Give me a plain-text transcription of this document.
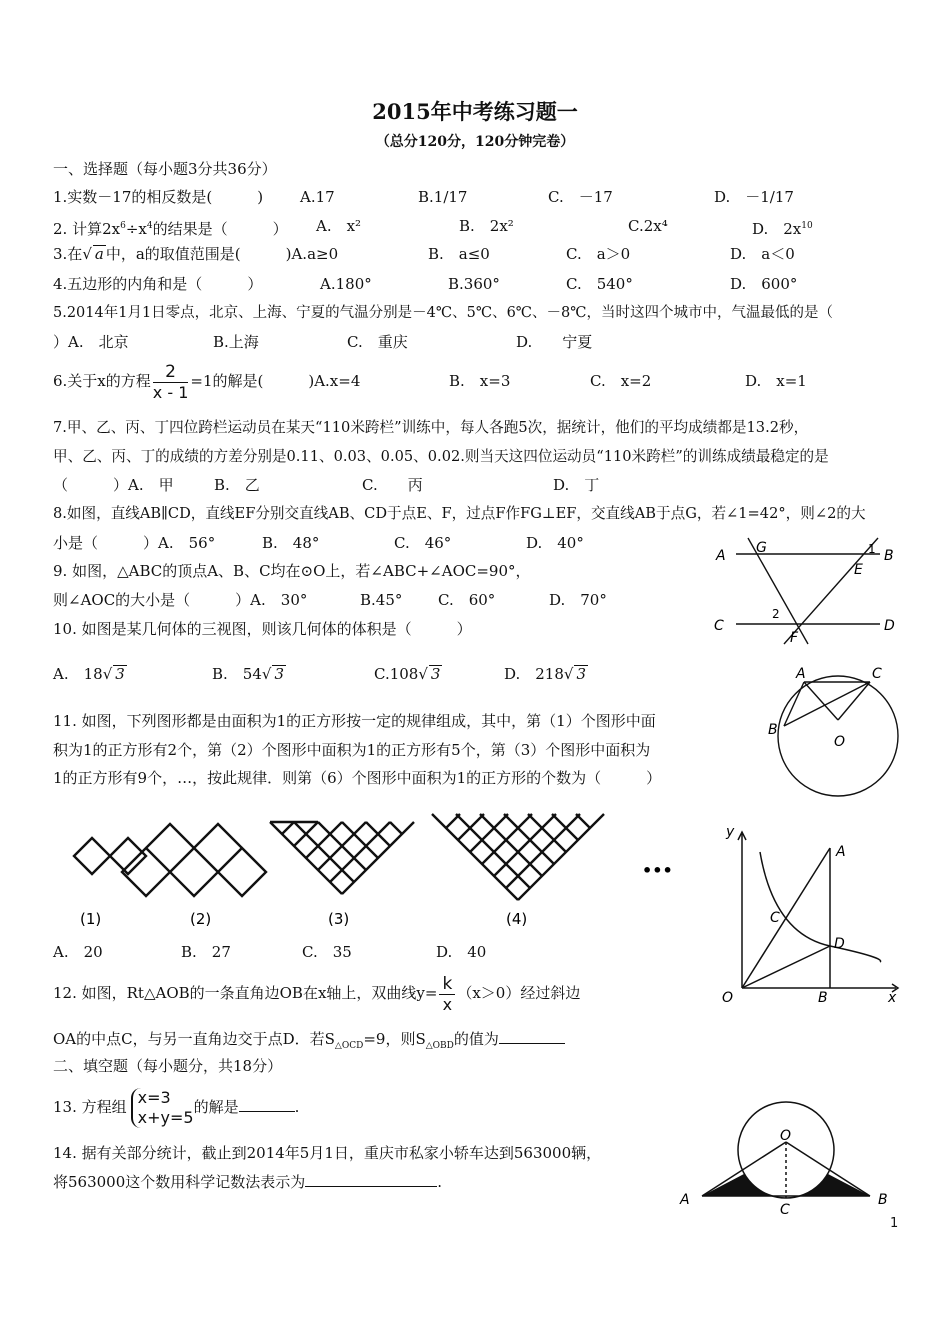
2015年中考练习题一
（总分120分，120分钟完卷）
一、选择题（每小题3分共36分）
1.实数－17的相反数是(　　　) A.17	B.1/17	C.　－17	D.　－1/17
2. 计算$2x^6\div x^4$的结果是（　　　） A.　x²	B.　2x²	C.2x⁴	D.　$2x^{10}$
3.在√ a 中，a的取值范围是(　　　)A.a≥0	B.　a≤0	C.　a＞0	D.　a＜0
4.五边形的内角和是（　　　）	A.180°	B.360°	C.　540°	D.　600°
5.2014年1月1日零点，北京、上海、宁夏的气温分别是－4℃、5℃、6℃、－8℃，当时这四个城市中，气温最低的是（
）A.　北京	B.上海	C.　重庆	D.　　宁夏
6.关于x的方程 $\frac{2}{x - 1} =1$的解是(　　　)A.x=4	B.　x=3	C.　x=2	D.　x=1
7.甲、乙、丙、丁四位跨栏运动员在某天“110米跨栏”训练中，每人各跑5次，据统计，他们的平均成绩都是13.2秒，
甲、乙、丙、丁的成绩的方差分别是0.11、0.03、0.05、0.02.则当天这四位运动员“110米跨栏”的训练成绩最稳定的是
（　　　）A.　甲	B.　乙	C.　　丙	D.　丁
8.如图，直线AB∥CD，直线EF分别交直线AB、CD于点E、F，过点F作FG⊥EF，交直线AB于点G，若∠1=42°，则∠2的大
小是（　　　）A.　56°	B.　48°	C.　46°	D.　40°
9. 如图，△ABC的顶点A、B、C均在⊙O上，若∠ABC+∠AOC=90°，
则∠AOC的大小是（　　　）A.　30°	B.45° C.　60°	D.　70°
10. 如图是某几何体的三视图，则该几何体的体积是（　　　）
A.　18√ 3	B.　54√ 3	C.108√ 3	D.　218√ 3
11. 如图，下列图形都是由面积为1的正方形按一定的规律组成，其中，第（1）个图形中面
积为1的正方形有2个，第（2）个图形中面积为1的正方形有5个，第（3）个图形中面积为
1的正方形有9个，…，按此规律．则第（6）个图形中面积为1的正方形的个数为（　　　）
(1)	(2)	(3)	(4)
•••
A.　20	B.　27	C.　35	D.　40
12. 如图，Rt△AOB的一条直角边OB在x轴上，双曲线$y= \frac{k}{x} (x>0)$经过斜边
OA的中点C，与另一直角边交于点D．若$S_{\triangle OCD}=9$，则$S_{\triangle OBD}$的值为
二、填空题（每小题分，共18分）
13. 方程组 x=3
x+y=5
的解是	.
14. 据有关部分统计，截止到2014年5月1日，重庆市私家小轿车达到563000辆，
将563000这个数用科学记数法表示为	.
A G	1 B
E
2
C
F
D
A	C
B
O
y
A
C
D
O	B	x
O
A
C
B
1
